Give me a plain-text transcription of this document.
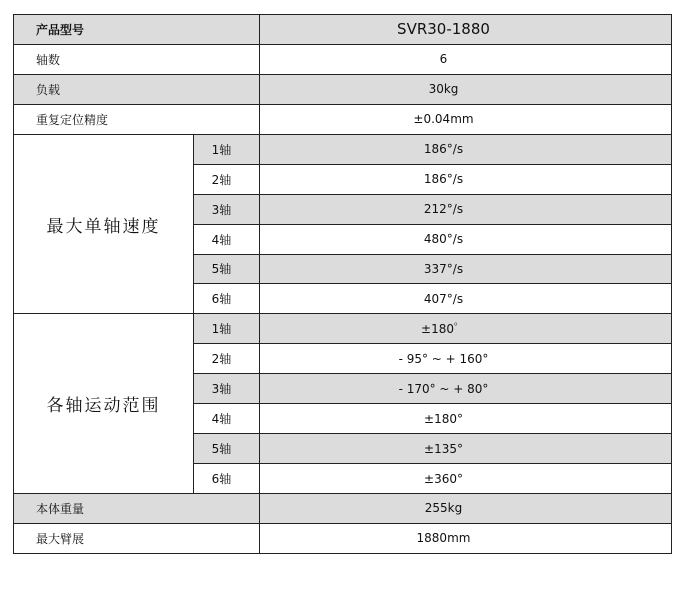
产品型号		SVR30-1880
轴数		6
负载		30kg
重复定位精度		±0.04mm
最大单轴速度	1轴	186°/s
	2轴	186°/s
	3轴	212°/s
	4轴	480°/s
	5轴	337°/s
	6轴	407°/s
各轴运动范围	1轴	±180゜
	2轴	- 95° ~ + 160°
	3轴	- 170° ~ + 80°
	4轴	±180°
	5轴	±135°
	6轴	±360°
本体重量		255kg
最大臂展		1880mm
